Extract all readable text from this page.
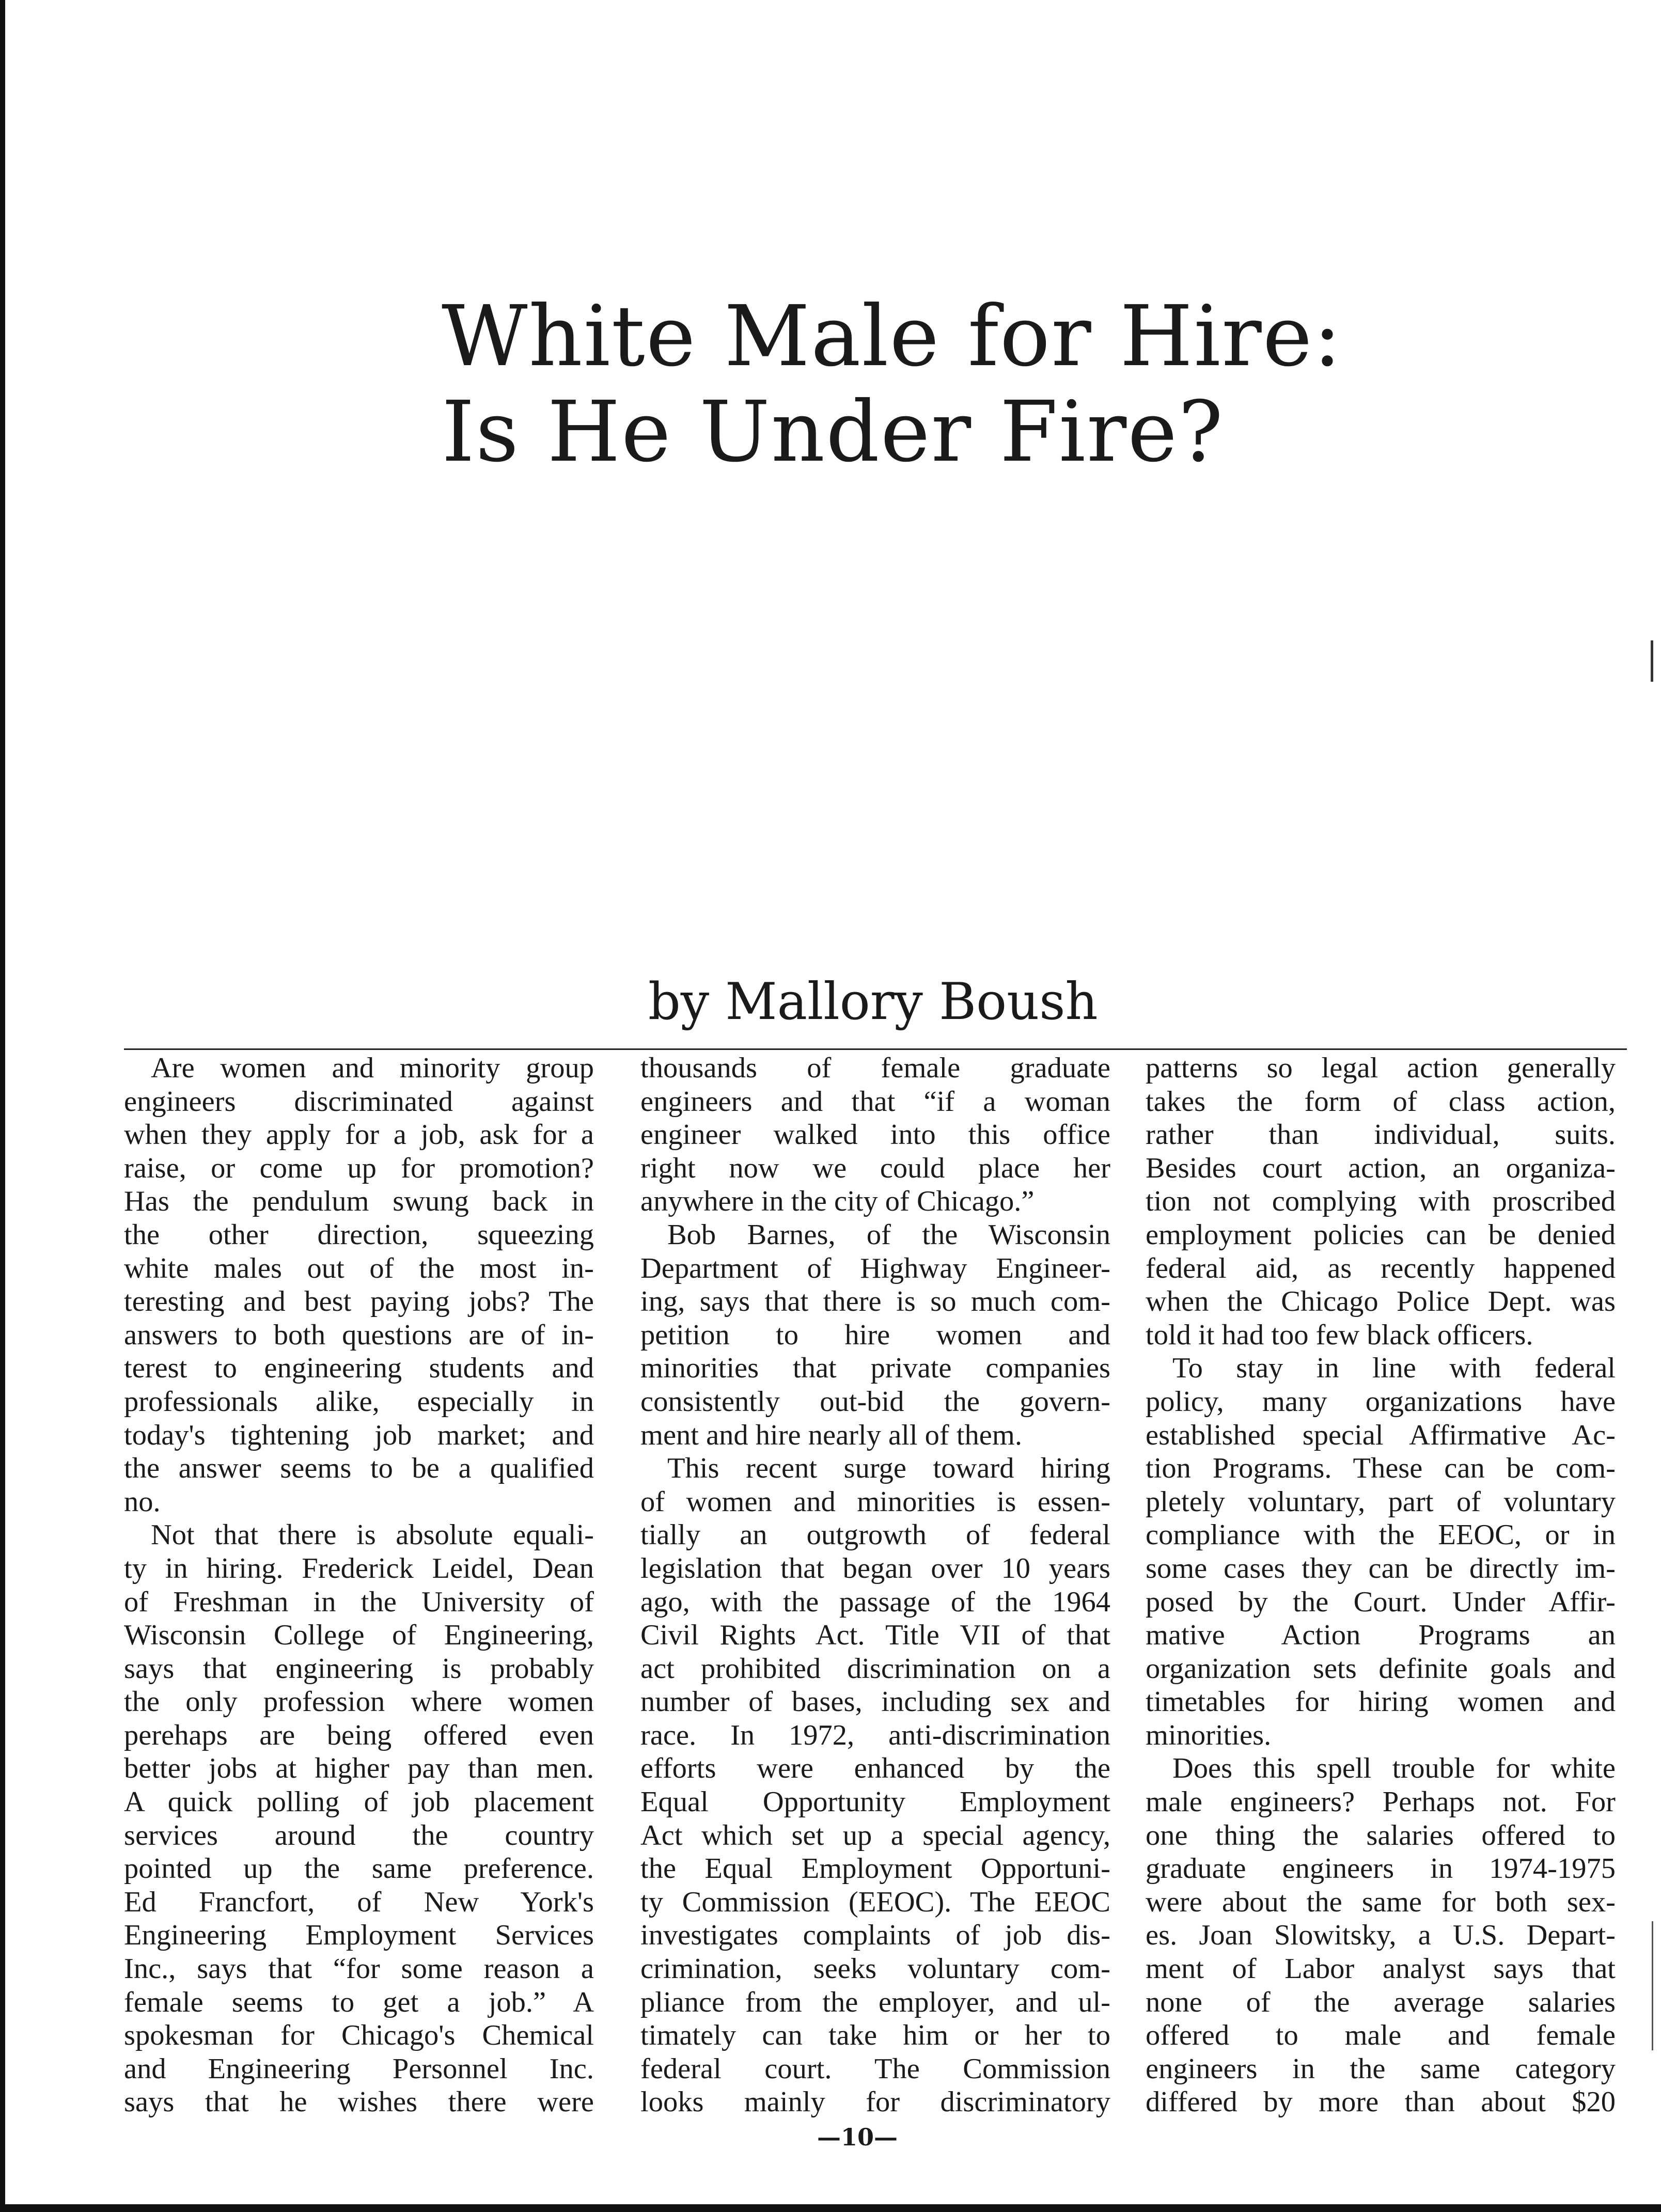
White Male for Hire:
Is He Under Fire?
by Mallory Boush
Are women and minority group
engineers discriminated against
when they apply for a job, ask for a
raise, or come up for promotion?
Has the pendulum swung back in
the other direction, squeezing
white males out of the most in-
teresting and best paying jobs? The
answers to both questions are of in-
terest to engineering students and
professionals alike, especially in
today's tightening job market; and
the answer seems to be a qualified
no.
Not that there is absolute equali-
ty in hiring. Frederick Leidel, Dean
of Freshman in the University of
Wisconsin College of Engineering,
says that engineering is probably
the only profession where women
perehaps are being offered even
better jobs at higher pay than men.
A quick polling of job placement
services around the country
pointed up the same preference.
Ed Francfort, of New York's
Engineering Employment Services
Inc., says that “for some reason a
female seems to get a job.” A
spokesman for Chicago's Chemical
and Engineering Personnel Inc.
says that he wishes there were
thousands of female graduate
engineers and that “if a woman
engineer walked into this office
right now we could place her
anywhere in the city of Chicago.”
Bob Barnes, of the Wisconsin
Department of Highway Engineer-
ing, says that there is so much com-
petition to hire women and
minorities that private companies
consistently out-bid the govern-
ment and hire nearly all of them.
This recent surge toward hiring
of women and minorities is essen-
tially an outgrowth of federal
legislation that began over 10 years
ago, with the passage of the 1964
Civil Rights Act. Title VII of that
act prohibited discrimination on a
number of bases, including sex and
race. In 1972, anti-discrimination
efforts were enhanced by the
Equal Opportunity Employment
Act which set up a special agency,
the Equal Employment Opportuni-
ty Commission (EEOC). The EEOC
investigates complaints of job dis-
crimination, seeks voluntary com-
pliance from the employer, and ul-
timately can take him or her to
federal court. The Commission
looks mainly for discriminatory
patterns so legal action generally
takes the form of class action,
rather than individual, suits.
Besides court action, an organiza-
tion not complying with proscribed
employment policies can be denied
federal aid, as recently happened
when the Chicago Police Dept. was
told it had too few black officers.
To stay in line with federal
policy, many organizations have
established special Affirmative Ac-
tion Programs. These can be com-
pletely voluntary, part of voluntary
compliance with the EEOC, or in
some cases they can be directly im-
posed by the Court. Under Affir-
mative Action Programs an
organization sets definite goals and
timetables for hiring women and
minorities.
Does this spell trouble for white
male engineers? Perhaps not. For
one thing the salaries offered to
graduate engineers in 1974-1975
were about the same for both sex-
es. Joan Slowitsky, a U.S. Depart-
ment of Labor analyst says that
none of the average salaries
offered to male and female
engineers in the same category
differed by more than about $20
—10—
